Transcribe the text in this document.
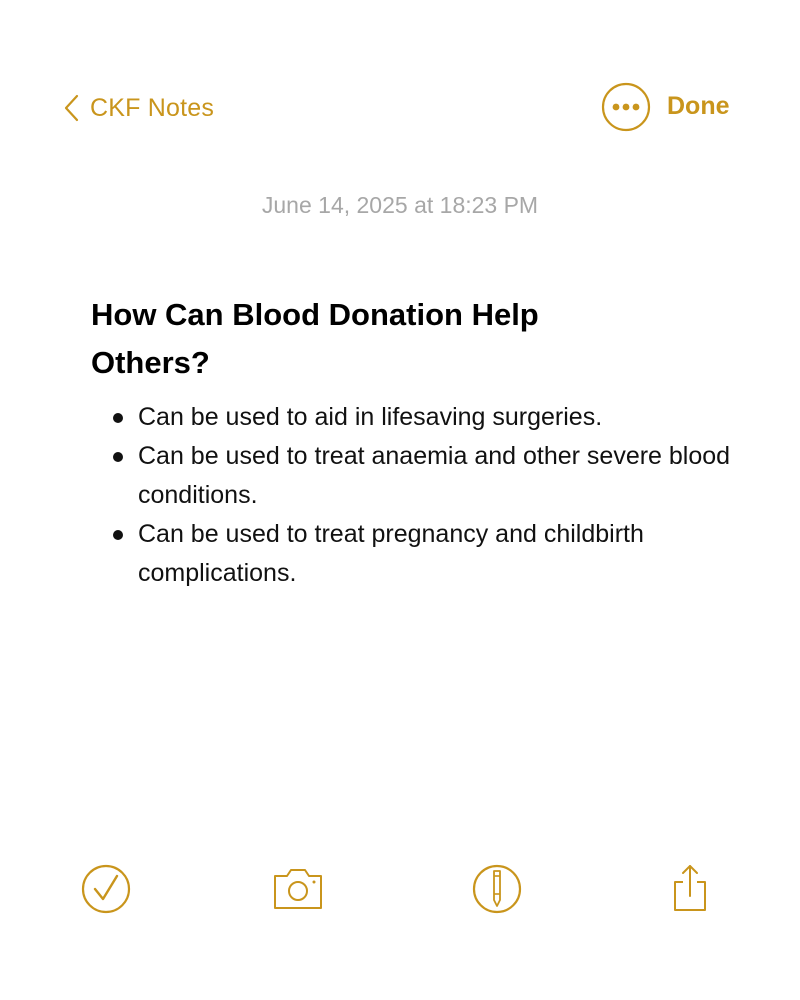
CKF Notes	Done
June 14, 2025 at 18:23 PM
How Can Blood Donation Help Others?
Can be used to aid in lifesaving surgeries.
Can be used to treat anaemia and other severe blood conditions.
Can be used to treat pregnancy and childbirth complications.
